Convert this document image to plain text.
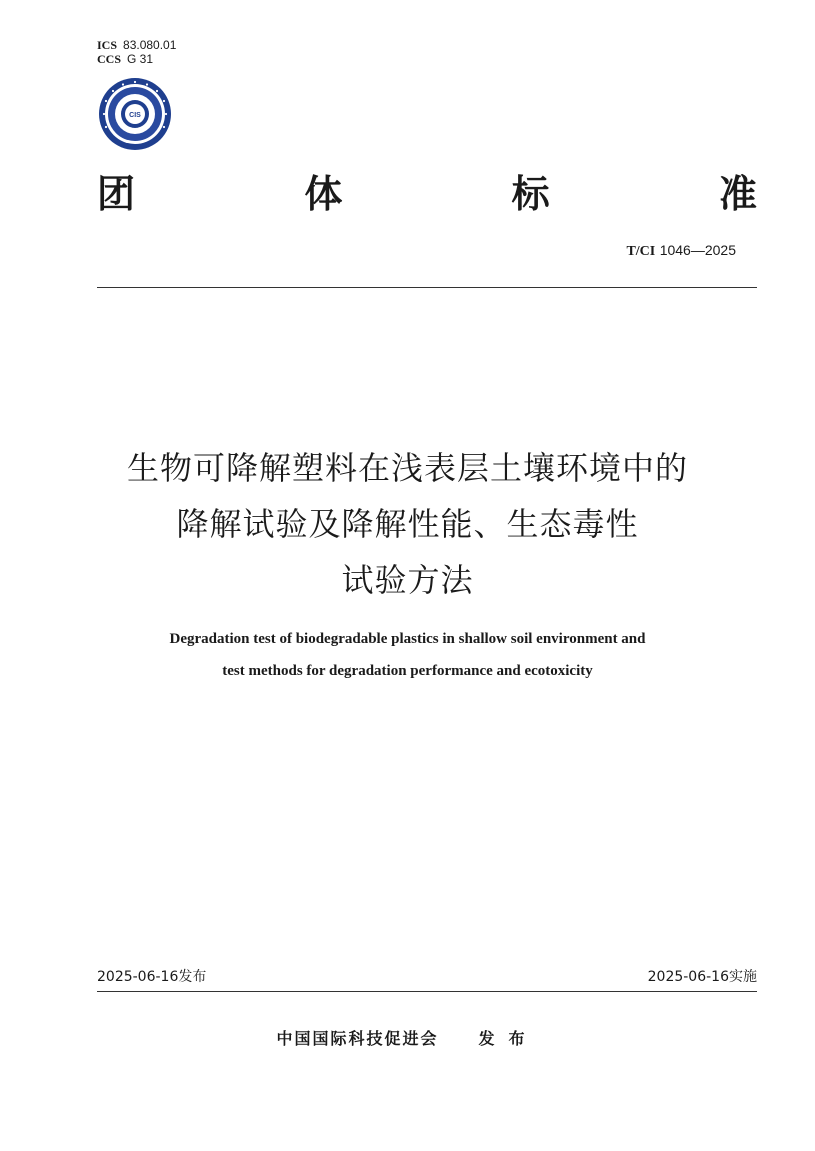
ICS 83.080.01
CCS G 31
CIS
团	体	标	准
T/CI 1046—2025
生物可降解塑料在浅表层土壤环境中的
降解试验及降解性能、生态毒性
试验方法
Degradation test of biodegradable plastics in shallow soil environment and
test methods for degradation performance and ecotoxicity
2025-06-16发布	2025-06-16实施
中国国际科技促进会	发布
